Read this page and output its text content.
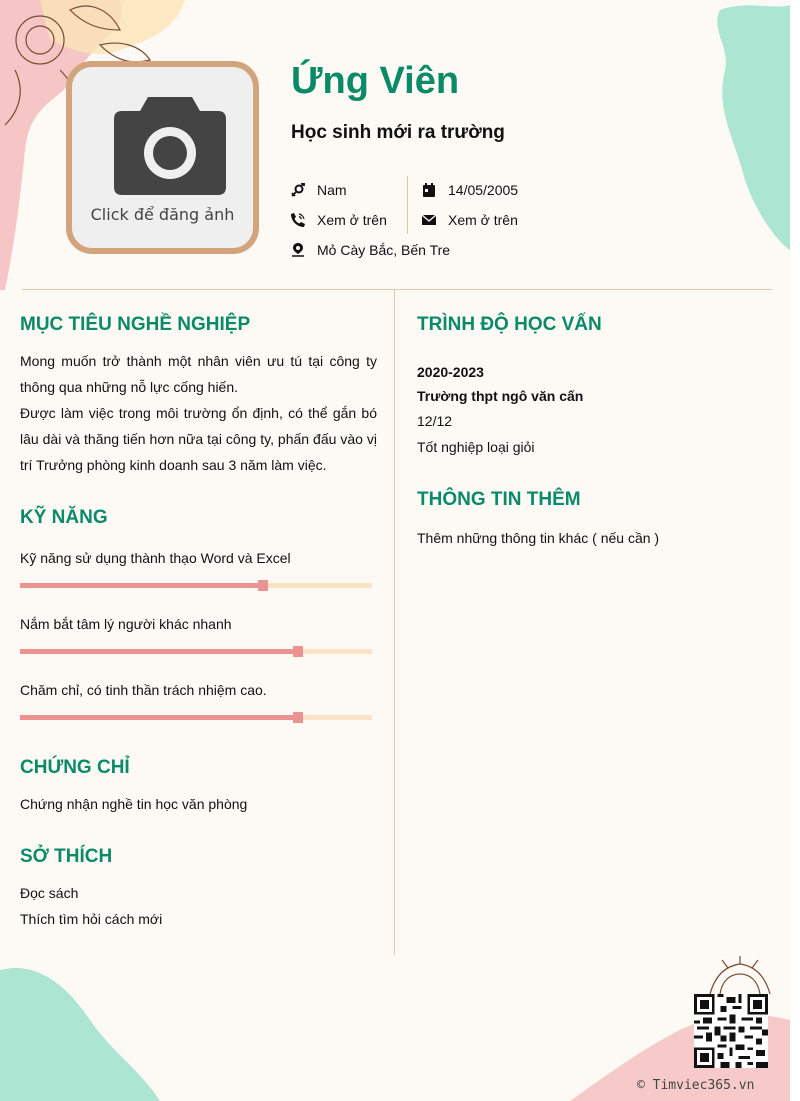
Click để đăng ảnh
Ứng Viên
Học sinh mới ra trường
Nam	14/05/2005
Xem ở trên	Xem ở trên
Mỏ Cày Bắc, Bến Tre
MỤC TIÊU NGHỀ NGHIỆP
Mong muốn trở thành một nhân viên ưu tú tại công ty thông qua những nỗ lực cống hiến.
Được làm việc trong môi trường ổn định, có thể gắn bó lâu dài và thăng tiến hơn nữa tại công ty, phấn đấu vào vị trí Trưởng phòng kinh doanh sau 3 năm làm việc.
KỸ NĂNG
Kỹ năng sử dụng thành thạo Word và Excel
Nắm bắt tâm lý người khác nhanh
Chăm chỉ, có tinh thần trách nhiệm cao.
CHỨNG CHỈ
Chứng nhận nghề tin học văn phòng
SỞ THÍCH
Đọc sách
Thích tìm hỏi cách mới
TRÌNH ĐỘ HỌC VẤN
2020-2023
Trường thpt ngô văn cấn
12/12
Tốt nghiệp loại giỏi
THÔNG TIN THÊM
Thêm những thông tin khác ( nếu cần )
© Timviec365.vn
